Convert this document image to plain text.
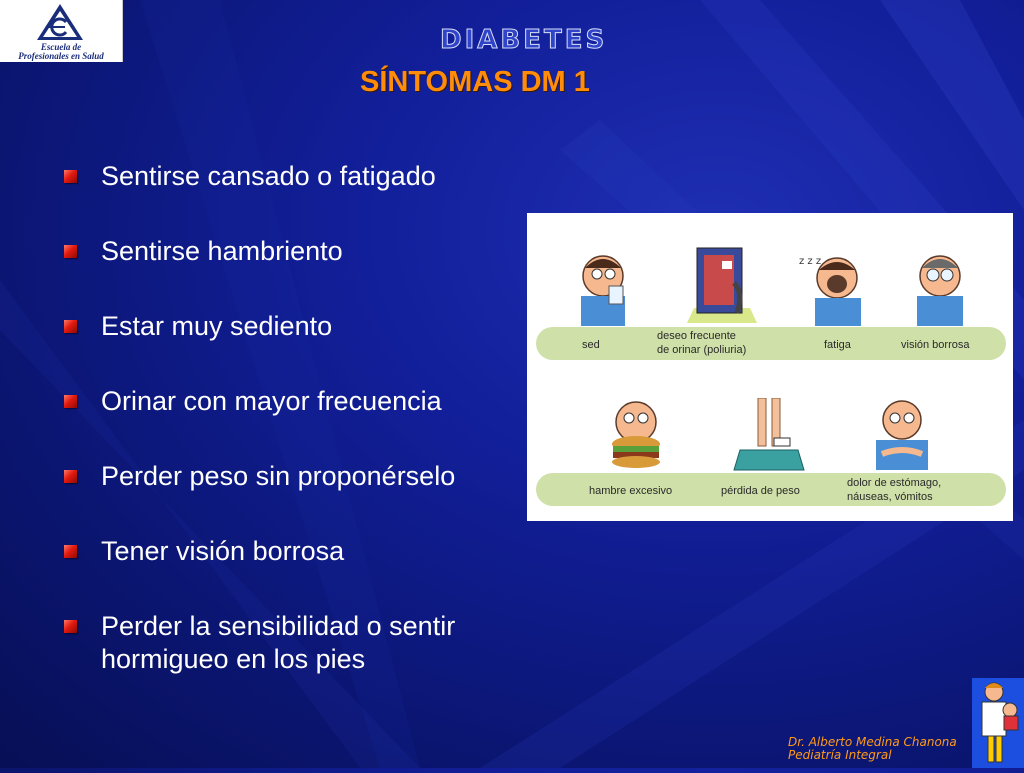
Escuela de
Profesionales en Salud
DIABETES
SÍNTOMAS DM 1
Sentirse cansado o fatigado
Sentirse hambriento
Estar muy sediento
Orinar con mayor frecuencia
Perder peso sin proponérselo
Tener visión borrosa
Perder la sensibilidad o sentir hormigueo en los pies
z z z
sed
deseo frecuente
de orinar (poliuria)	fatiga	visión borrosa
hambre excesivo	pérdida de peso
dolor de estómago,
náuseas, vómitos
Dr. Alberto Medina Chanona
Pediatría Integral
